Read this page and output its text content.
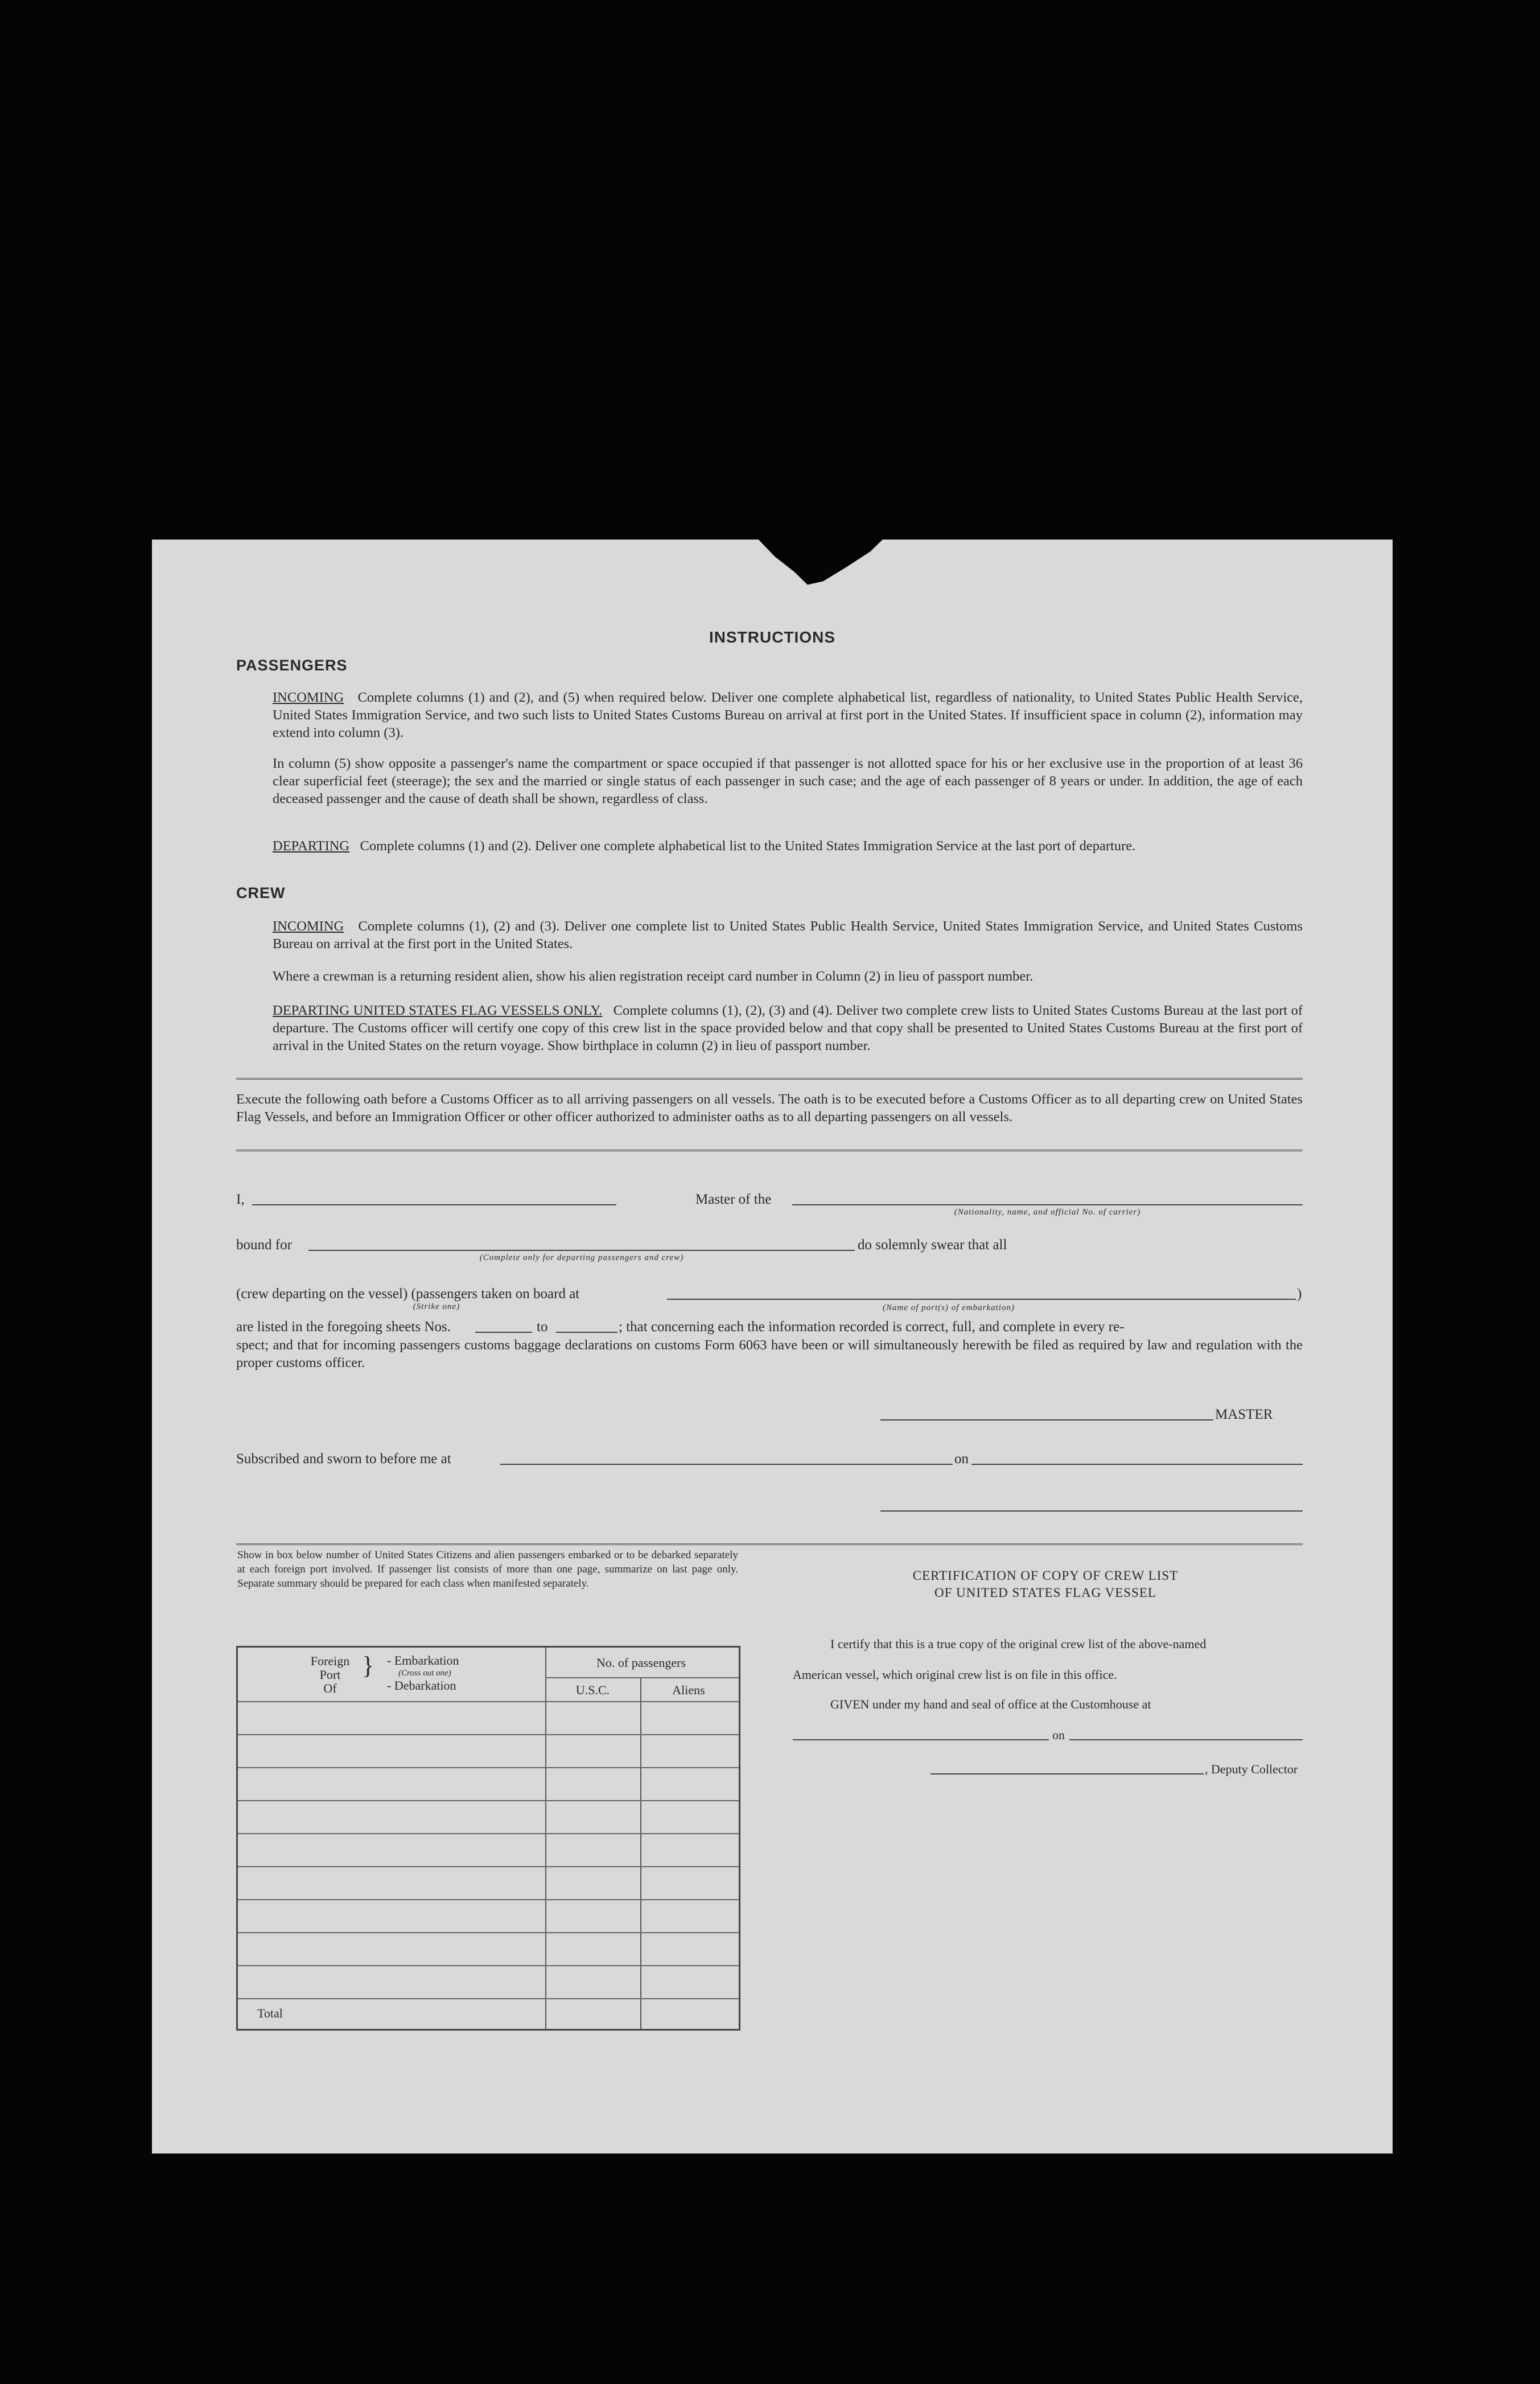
INSTRUCTIONS
PASSENGERS
INCOMING Complete columns (1) and (2), and (5) when required below. Deliver one complete alphabetical list, regardless of nationality, to United States Public Health Service, United States Immigration Service, and two such lists to United States Customs Bureau on arrival at first port in the United States. If insufficient space in column (2), information may extend into column (3).
In column (5) show opposite a passenger's name the compartment or space occupied if that passenger is not allotted space for his or her exclusive use in the proportion of at least 36 clear superficial feet (steerage); the sex and the married or single status of each passenger in such case; and the age of each passenger of 8 years or under. In addition, the age of each deceased passenger and the cause of death shall be shown, regardless of class.
DEPARTING Complete columns (1) and (2). Deliver one complete alphabetical list to the United States Immigration Service at the last port of departure.
CREW
INCOMING Complete columns (1), (2) and (3). Deliver one complete list to United States Public Health Service, United States Immigration Service, and United States Customs Bureau on arrival at the first port in the United States.
Where a crewman is a returning resident alien, show his alien registration receipt card number in Column (2) in lieu of passport number.
DEPARTING UNITED STATES FLAG VESSELS ONLY. Complete columns (1), (2), (3) and (4). Deliver two complete crew lists to United States Customs Bureau at the last port of departure. The Customs officer will certify one copy of this crew list in the space provided below and that copy shall be presented to United States Customs Bureau at the first port of arrival in the United States on the return voyage. Show birthplace in column (2) in lieu of passport number.
Execute the following oath before a Customs Officer as to all arriving passengers on all vessels. The oath is to be executed before a Customs Officer as to all departing crew on United States Flag Vessels, and before an Immigration Officer or other officer authorized to administer oaths as to all departing passengers on all vessels.
I,	Master of the
(Nationality, name, and official No. of carrier)
bound for
(Complete only for departing passengers and crew)
do solemnly swear that all
(crew departing on the vessel) (passengers taken on board at
(Strike one)	(Name of port(s) of embarkation)
)
are listed in the foregoing sheets Nos.	to	; that concerning each the information recorded is correct, full, and complete in every re-
spect; and that for incoming passengers customs baggage declarations on customs Form 6063 have been or will simultaneously herewith be filed as required by law and regulation with the proper customs officer.
MASTER
Subscribed and sworn to before me at	on
Show in box below number of United States Citizens and alien passengers embarked or to be debarked separately at each foreign port involved. If passenger list consists of more than one page, summarize on last page only. Separate summary should be prepared for each class when manifested separately.
Foreign
Port
Of
} - Embarkation
(Cross out one)
- Debarkation
No. of passengers
U.S.C.	Aliens
Total
CERTIFICATION OF COPY OF CREW LIST
OF UNITED STATES FLAG VESSEL
I certify that this is a true copy of the original crew list of the above-named
American vessel, which original crew list is on file in this office.
GIVEN under my hand and seal of office at the Customhouse at
on
, Deputy Collector
